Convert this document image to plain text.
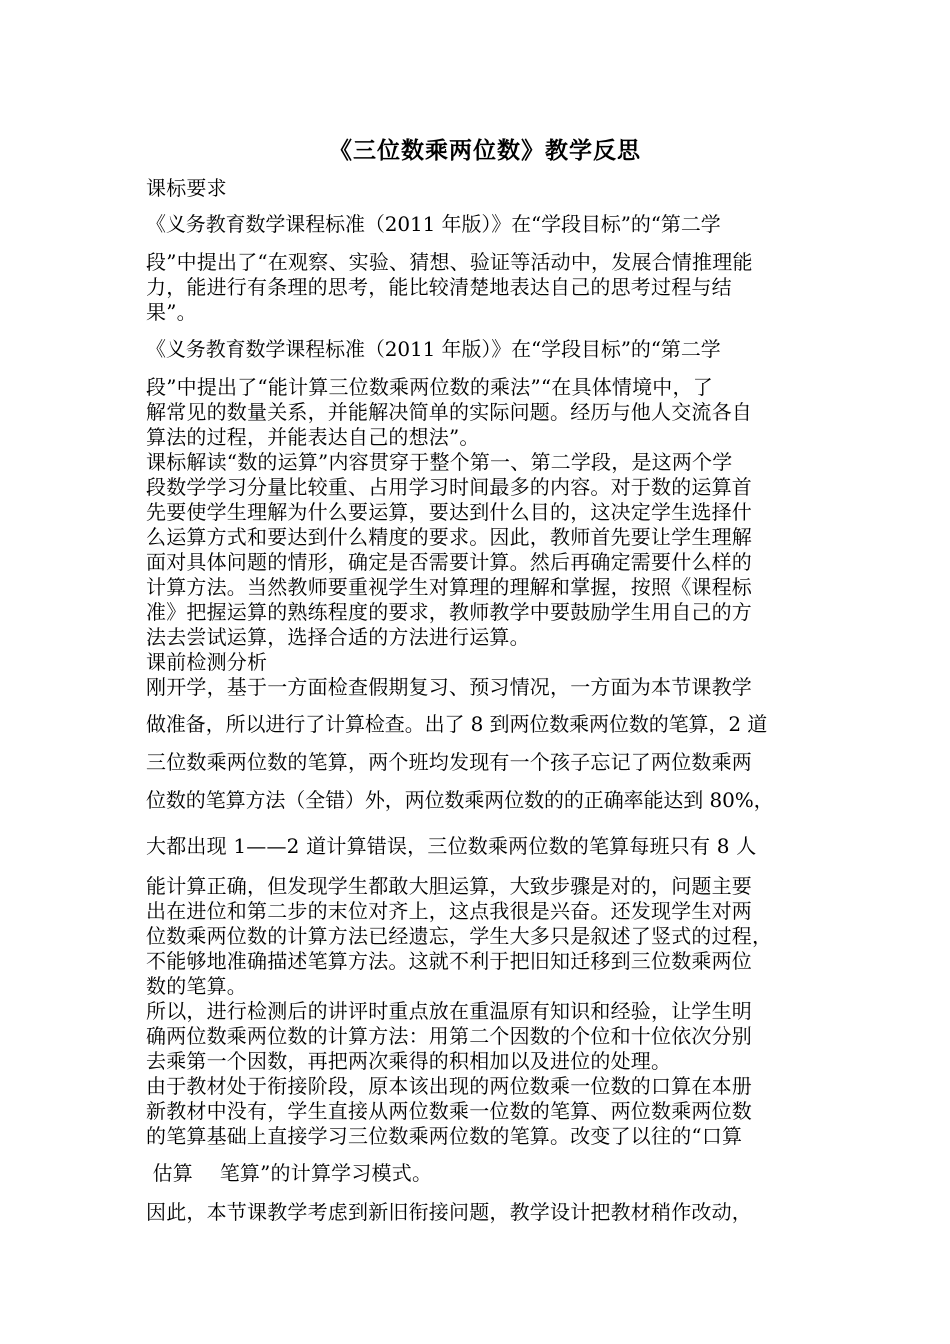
《三位数乘两位数》教学反思
课标要求
《义务教育数学课程标准（2011 年版）》在“学段目标”的“第二学
段”中提出了“在观察、实验、猜想、验证等活动中，发展合情推理能
力，能进行有条理的思考，能比较清楚地表达自己的思考过程与结
果”。
《义务教育数学课程标准（2011 年版）》在“学段目标”的“第二学
段”中提出了“能计算三位数乘两位数的乘法”“在具体情境中，了
解常见的数量关系，并能解决简单的实际问题。经历与他人交流各自
算法的过程，并能表达自己的想法”。
课标解读“数的运算”内容贯穿于整个第一、第二学段，是这两个学
段数学学习分量比较重、占用学习时间最多的内容。对于数的运算首
先要使学生理解为什么要运算，要达到什么目的，这决定学生选择什
么运算方式和要达到什么精度的要求。因此，教师首先要让学生理解
面对具体问题的情形，确定是否需要计算。然后再确定需要什么样的
计算方法。当然教师要重视学生对算理的理解和掌握，按照《课程标
准》把握运算的熟练程度的要求，教师教学中要鼓励学生用自己的方
法去尝试运算，选择合适的方法进行运算。
课前检测分析
刚开学，基于一方面检查假期复习、预习情况，一方面为本节课教学
做准备，所以进行了计算检查。出了 8 到两位数乘两位数的笔算，2 道
三位数乘两位数的笔算，两个班均发现有一个孩子忘记了两位数乘两
位数的笔算方法（全错）外，两位数乘两位数的的正确率能达到 80%，
大都出现 1——2 道计算错误，三位数乘两位数的笔算每班只有 8 人
能计算正确，但发现学生都敢大胆运算，大致步骤是对的，问题主要
出在进位和第二步的末位对齐上，这点我很是兴奋。还发现学生对两
位数乘两位数的计算方法已经遗忘，学生大多只是叙述了竖式的过程，
不能够地准确描述笔算方法。这就不利于把旧知迁移到三位数乘两位
数的笔算。
所以，进行检测后的讲评时重点放在重温原有知识和经验，让学生明
确两位数乘两位数的计算方法：用第二个因数的个位和十位依次分别
去乘第一个因数，再把两次乘得的积相加以及进位的处理。
由于教材处于衔接阶段，原本该出现的两位数乘一位数的口算在本册
新教材中没有，学生直接从两位数乘一位数的笔算、两位数乘两位数
的笔算基础上直接学习三位数乘两位数的笔算。改变了以往的“口算
估算　 笔算”的计算学习模式。
因此，本节课教学考虑到新旧衔接问题，教学设计把教材稍作改动，
